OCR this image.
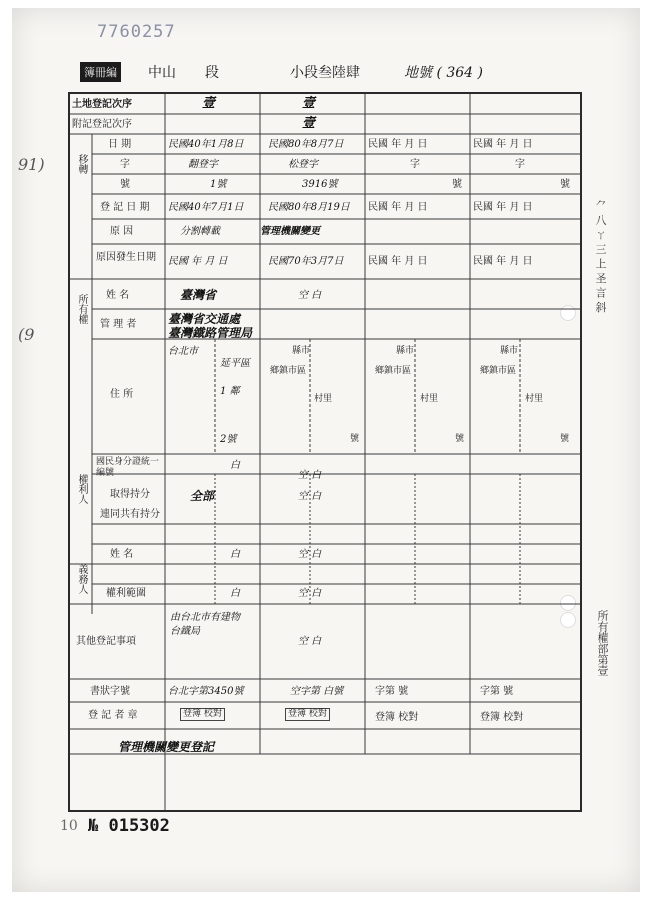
7760257
簿冊編 中山 段	小段叁陸肆	地號 ( 364 )
91)
(9
⺈ 八 ㄚ 三 上 圣 言 斜
所有權部第壹
土地登記次序
附記登記次序
日 期
字
號
登 記 日 期
原 因
原因發生日期
姓 名
管 理 者
住 所
國民身分證統一編號
取得持分
連同共有持分
姓 名
權利範圍
其他登記事項
書狀字號
登 記 者 章
移轉
所有權
權利人
義務人
壹
民國40年1月8日
翻登字
1號
民國40年7月1日
分割轉載
民國 年 月 日
臺灣省
臺灣省交通處
臺灣鐵路管理局
台北市
延平區
1 鄰
2號
白
全部
白
白
由台北市有建物
台鐵局
台北字第3450號
登簿 校對
壹
壹
民國80年8月7日
松登字
3916號
民國80年8月19日
管理機關變更
民國70年3月7日
空 白
縣市
鄉鎮市區
村里
號
空 白
空 白
空 白
空 白
空 白
空字第 白號
登簿 校對
民國 年 月 日
字
號
民國 年 月 日
民國 年 月 日
縣市
鄉鎮市區
村里
號
字第 號
登簿 校對
民國 年 月 日
字
號
民國 年 月 日
民國 年 月 日
縣市
鄉鎮市區
村里
號
字第 號
登簿 校對
管理機關變更登記
10 № 015302
